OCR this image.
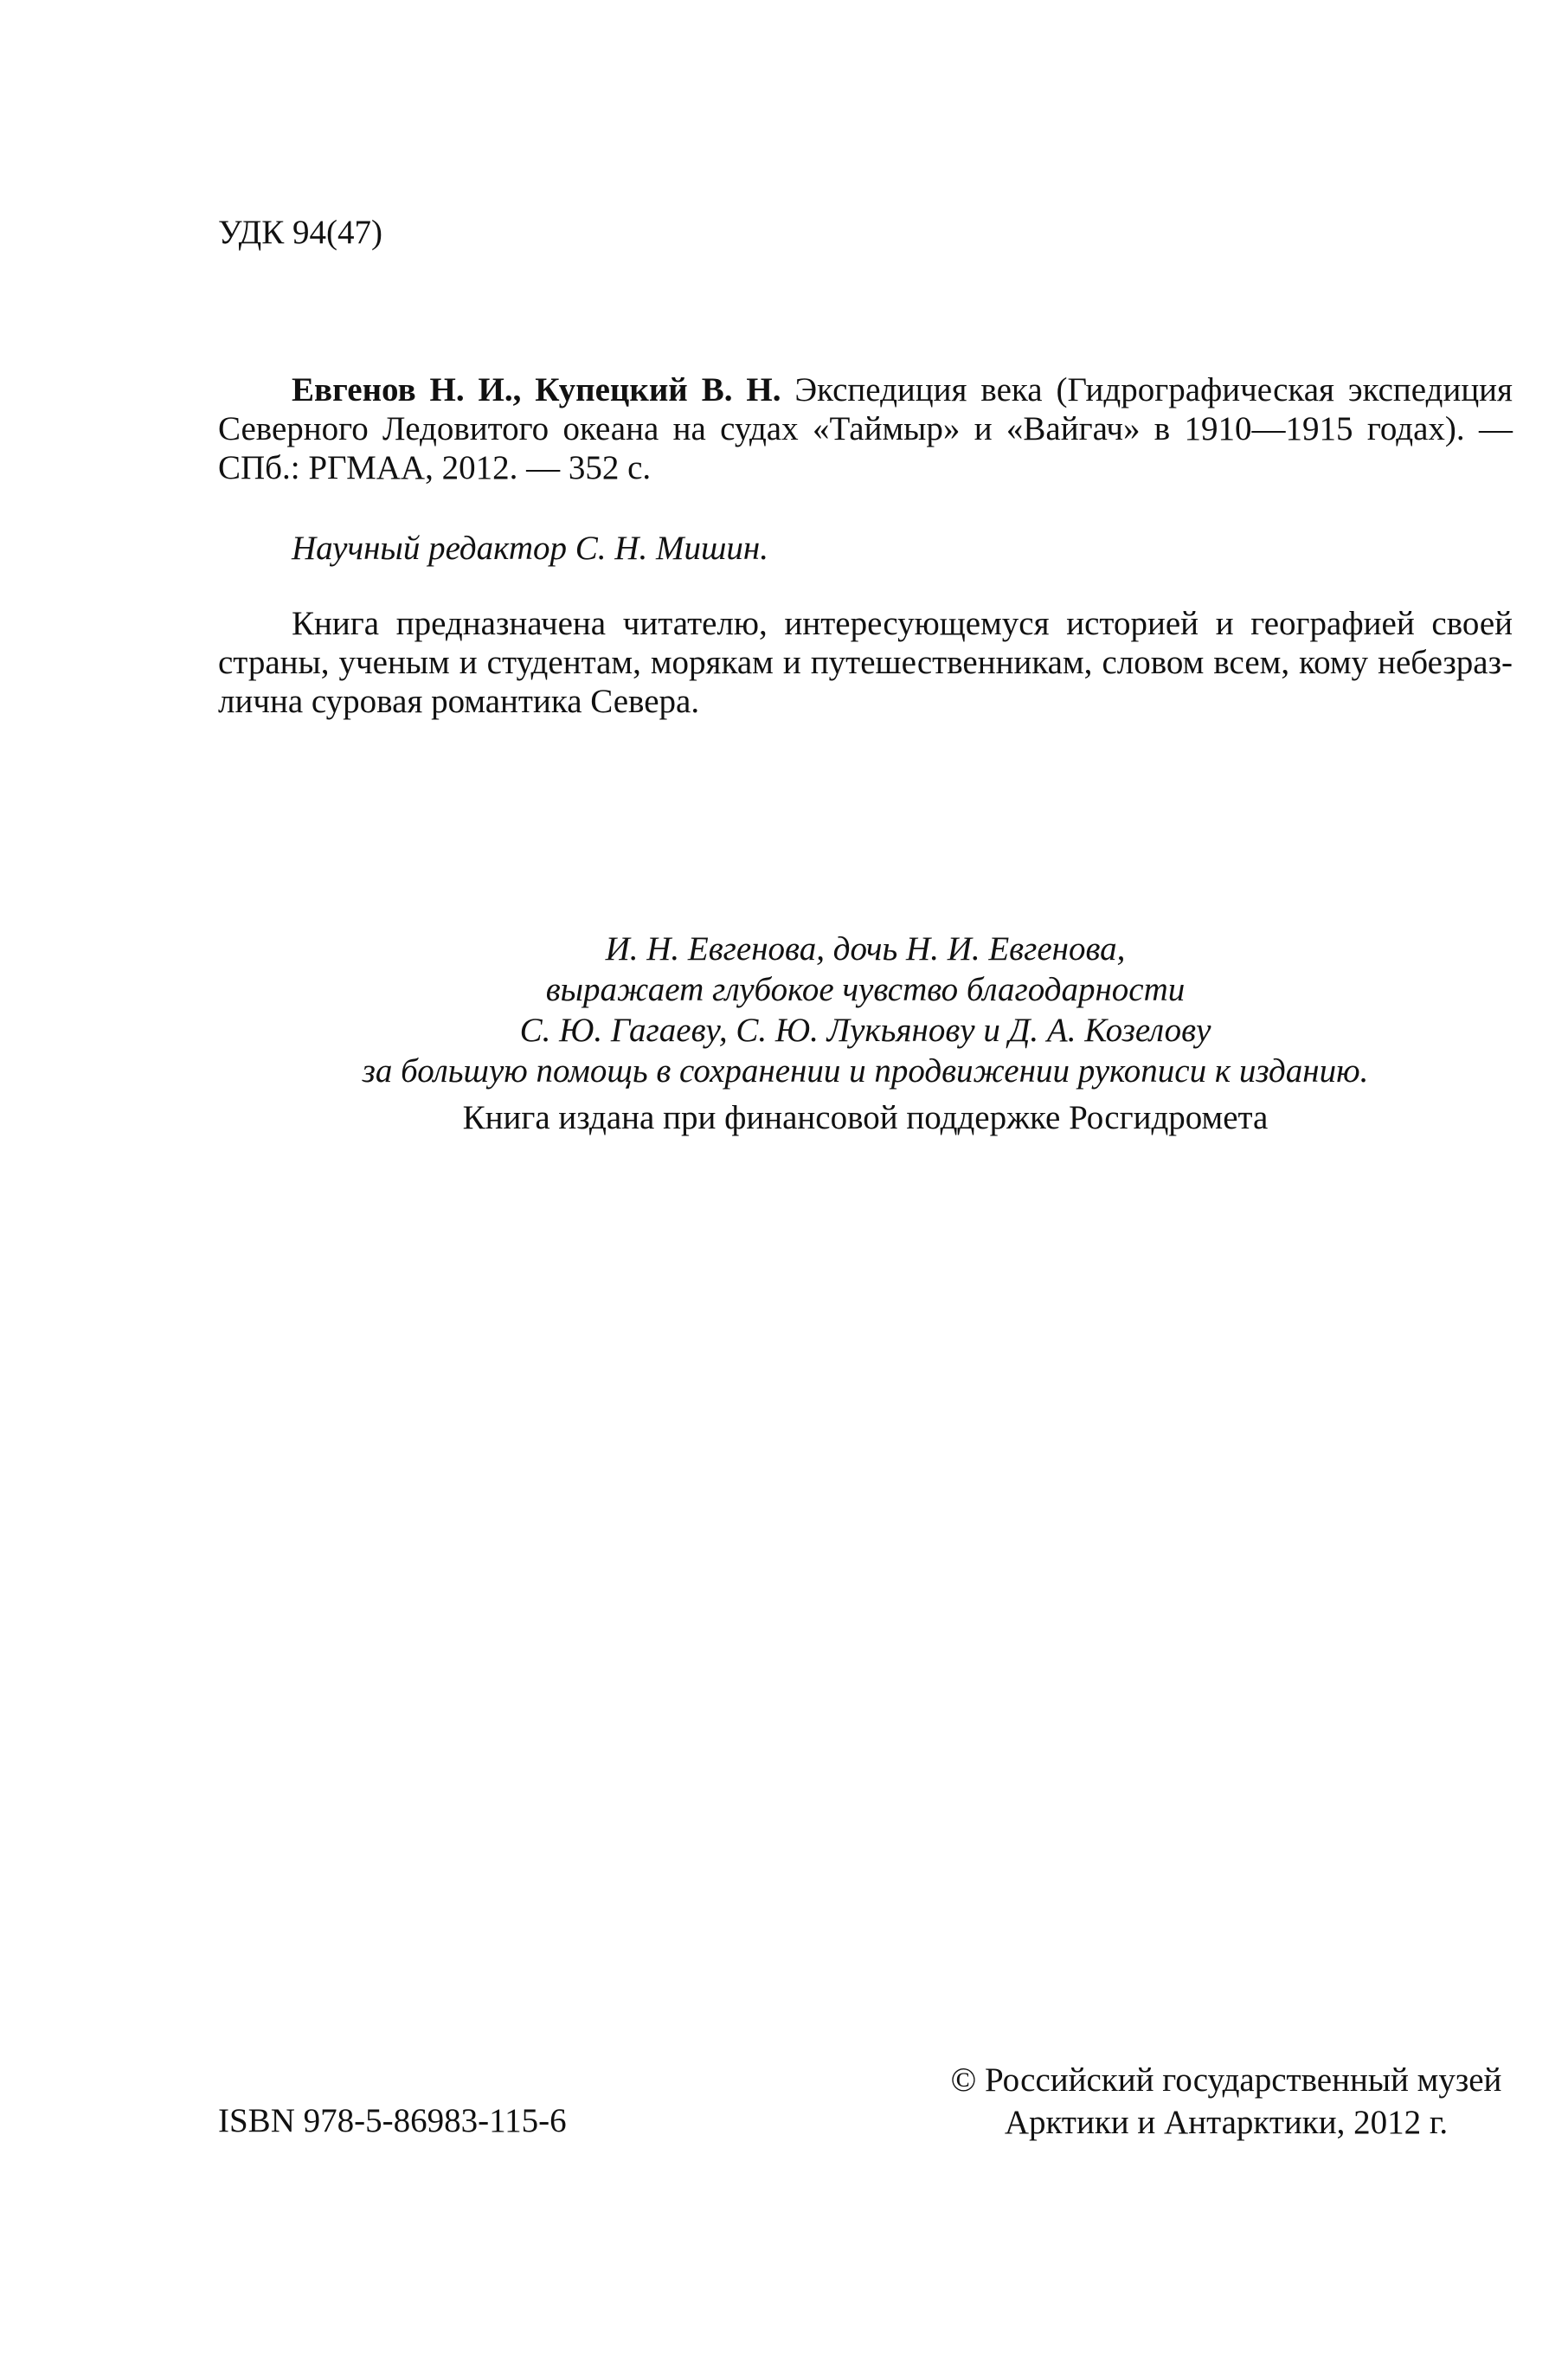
УДК 94(47)
Евгенов Н. И., Купецкий В. Н. Экспедиция века (Гидрографическая экспедиция
Северного Ледовитого океана на судах «Таймыр» и «Вайгач» в 1910—1915 годах). —
СПб.: РГМАА, 2012. — 352 с.
Научный редактор С. Н. Мишин.
Книга предназначена читателю, интересующемуся историей и географией своей
страны, ученым и студентам, морякам и путешественникам, словом всем, кому небезраз-
лична суровая романтика Севера.
И. Н. Евгенова, дочь Н. И. Евгенова,
выражает глубокое чувство благодарности
С. Ю. Гагаеву, С. Ю. Лукьянову и Д. А. Козелову
за большую помощь в сохранении и продвижении рукописи к изданию.
Книга издана при финансовой поддержке Росгидромета
ISBN 978-5-86983-115-6
© Российский государственный музей
Арктики и Антарктики, 2012 г.
